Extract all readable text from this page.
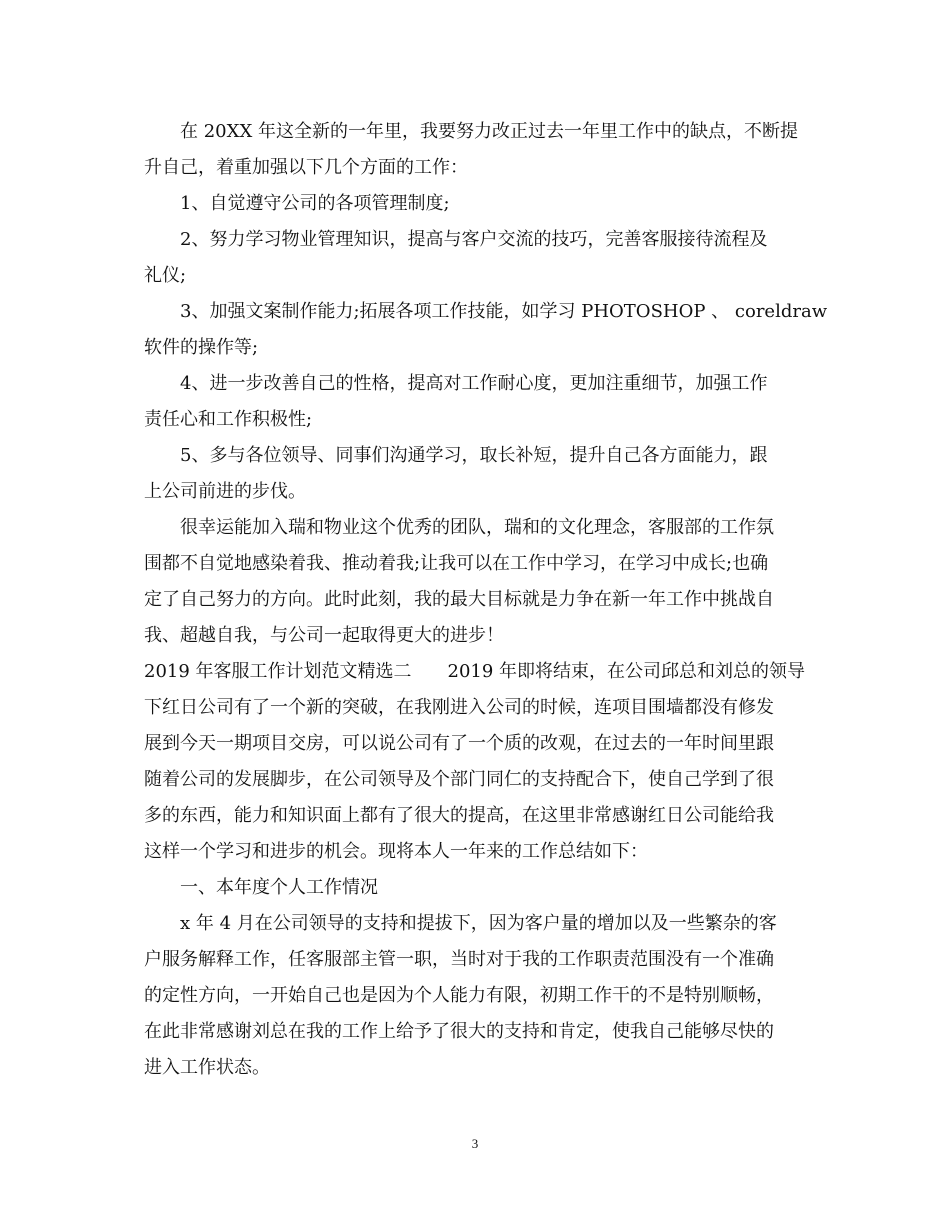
在 20XX 年这全新的一年里，我要努力改正过去一年里工作中的缺点，不断提
升自己，着重加强以下几个方面的工作：
1、自觉遵守公司的各项管理制度;
2、努力学习物业管理知识，提高与客户交流的技巧，完善客服接待流程及
礼仪;
3、加强文案制作能力;拓展各项工作技能，如学习 PHOTOSHOP 、 coreldraw
软件的操作等;
4、进一步改善自己的性格，提高对工作耐心度，更加注重细节，加强工作
责任心和工作积极性;
5、多与各位领导、同事们沟通学习，取长补短，提升自己各方面能力，跟
上公司前进的步伐。
很幸运能加入瑞和物业这个优秀的团队，瑞和的文化理念，客服部的工作氛
围都不自觉地感染着我、推动着我;让我可以在工作中学习，在学习中成长;也确
定了自己努力的方向。此时此刻，我的最大目标就是力争在新一年工作中挑战自
我、超越自我，与公司一起取得更大的进步！
2019 年客服工作计划范文精选二　　2019 年即将结束，在公司邱总和刘总的领导
下红日公司有了一个新的突破，在我刚进入公司的时候，连项目围墙都没有修发
展到今天一期项目交房，可以说公司有了一个质的改观，在过去的一年时间里跟
随着公司的发展脚步，在公司领导及个部门同仁的支持配合下，使自己学到了很
多的东西，能力和知识面上都有了很大的提高，在这里非常感谢红日公司能给我
这样一个学习和进步的机会。现将本人一年来的工作总结如下：
一、本年度个人工作情况
x 年 4 月在公司领导的支持和提拔下，因为客户量的增加以及一些繁杂的客
户服务解释工作，任客服部主管一职，当时对于我的工作职责范围没有一个准确
的定性方向，一开始自己也是因为个人能力有限，初期工作干的不是特别顺畅，
在此非常感谢刘总在我的工作上给予了很大的支持和肯定，使我自己能够尽快的
进入工作状态。
3
